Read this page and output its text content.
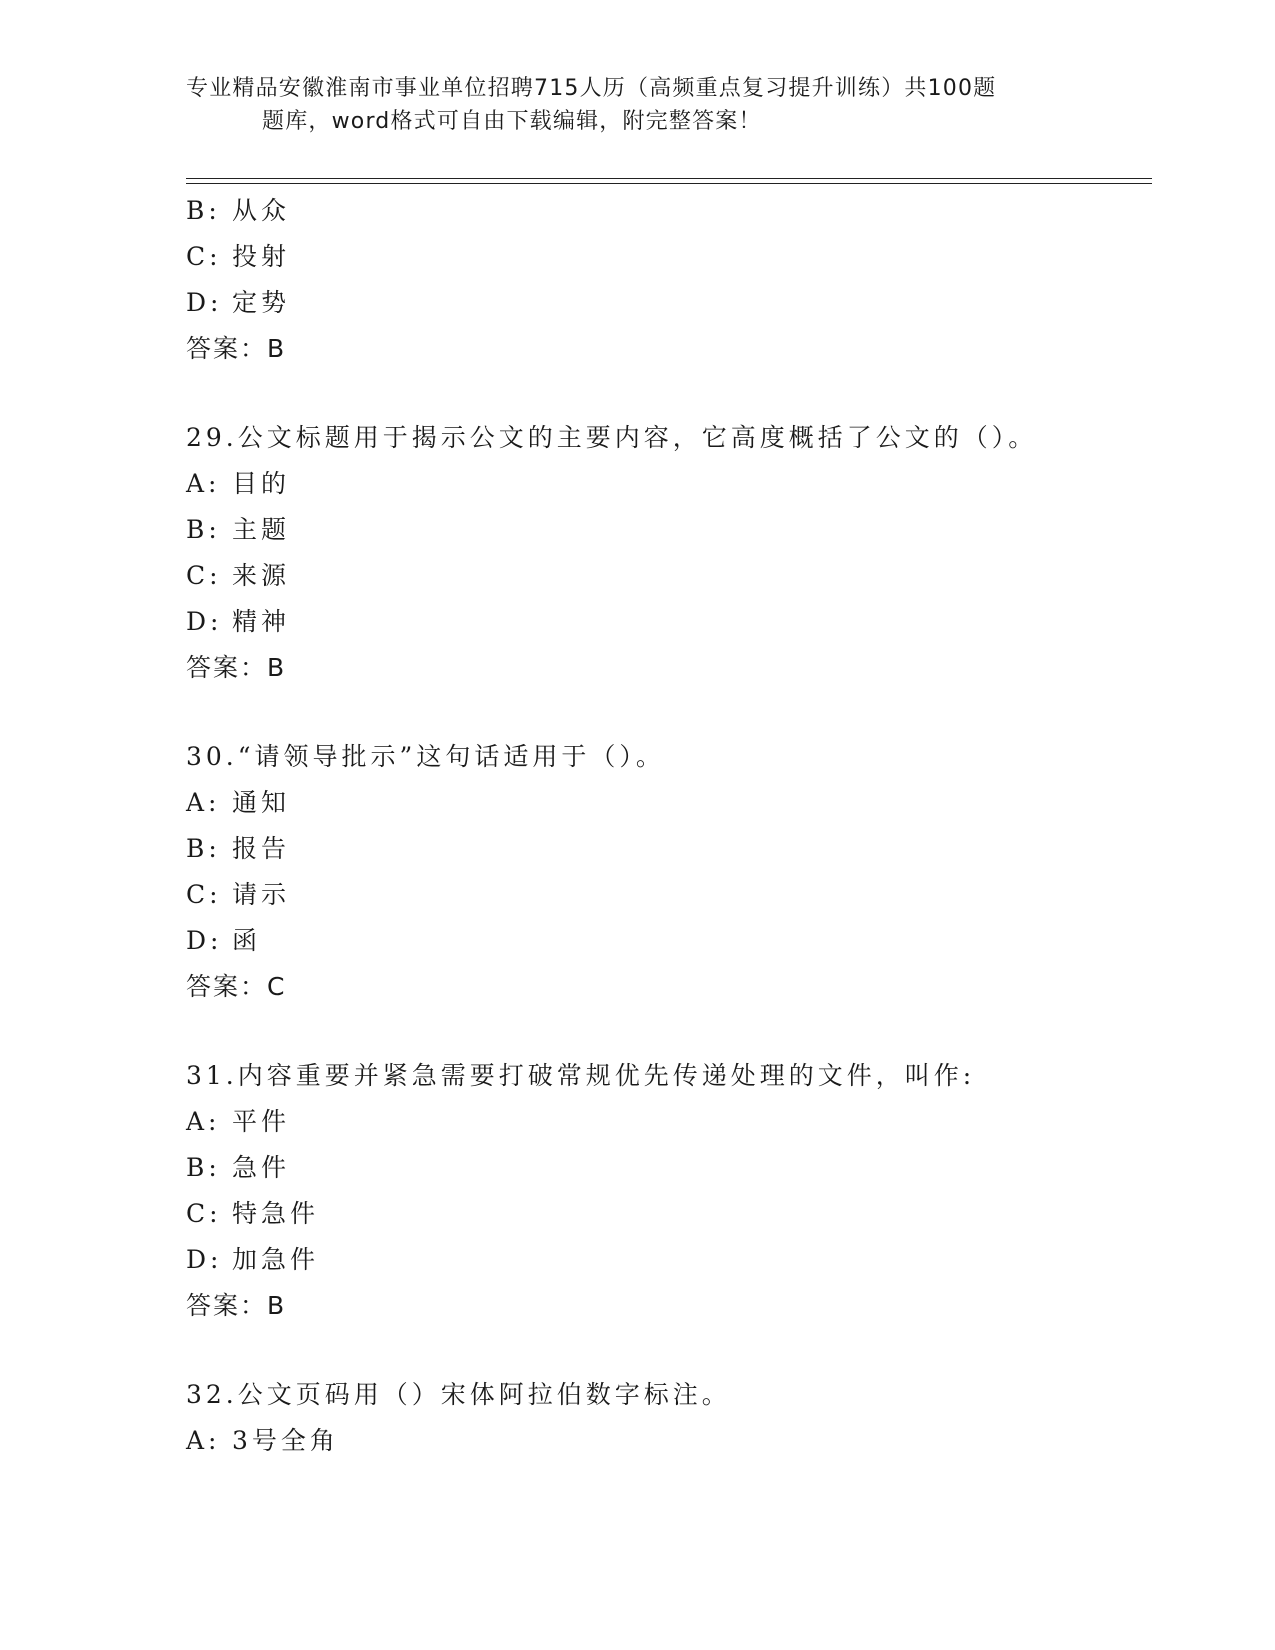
专业精品安徽淮南市事业单位招聘715人历（高频重点复习提升训练）共100题
题库，word格式可自由下载编辑，附完整答案！
B: 从众
C: 投射
D: 定势
答案：B
29.公文标题用于揭示公文的主要内容，它高度概括了公文的（）。
A: 目的
B: 主题
C: 来源
D: 精神
答案：B
30.“请领导批示”这句话适用于（）。
A: 通知
B: 报告
C: 请示
D: 函
答案：C
31.内容重要并紧急需要打破常规优先传递处理的文件，叫作:
A: 平件
B: 急件
C: 特急件
D: 加急件
答案：B
32.公文页码用（）宋体阿拉伯数字标注。
A: 3号全角
